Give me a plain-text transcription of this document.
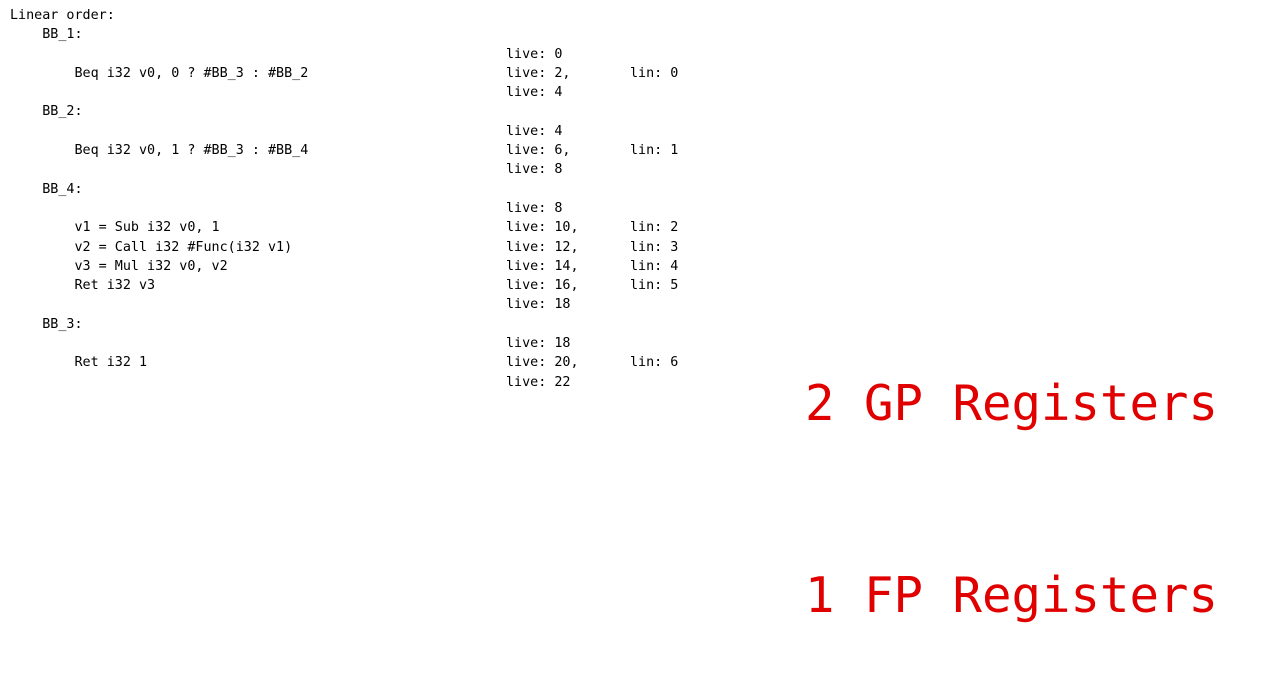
Linear order:
BB_1:
live: 0
Beq i32 v0, 0 ? #BB_3 : #BB_2	live: 2,	lin: 0
live: 4
BB_2:
live: 4
Beq i32 v0, 1 ? #BB_3 : #BB_4	live: 6,	lin: 1
live: 8
BB_4:
live: 8
v1 = Sub i32 v0, 1	live: 10,	lin: 2
v2 = Call i32 #Func(i32 v1)	live: 12,	lin: 3
v3 = Mul i32 v0, v2	live: 14,	lin: 4
Ret i32 v3	live: 16,	lin: 5
live: 18
BB_3:
live: 18
Ret i32 1	live: 20,	lin: 6
live: 22

	2 GP Registers

1 FP Registers
